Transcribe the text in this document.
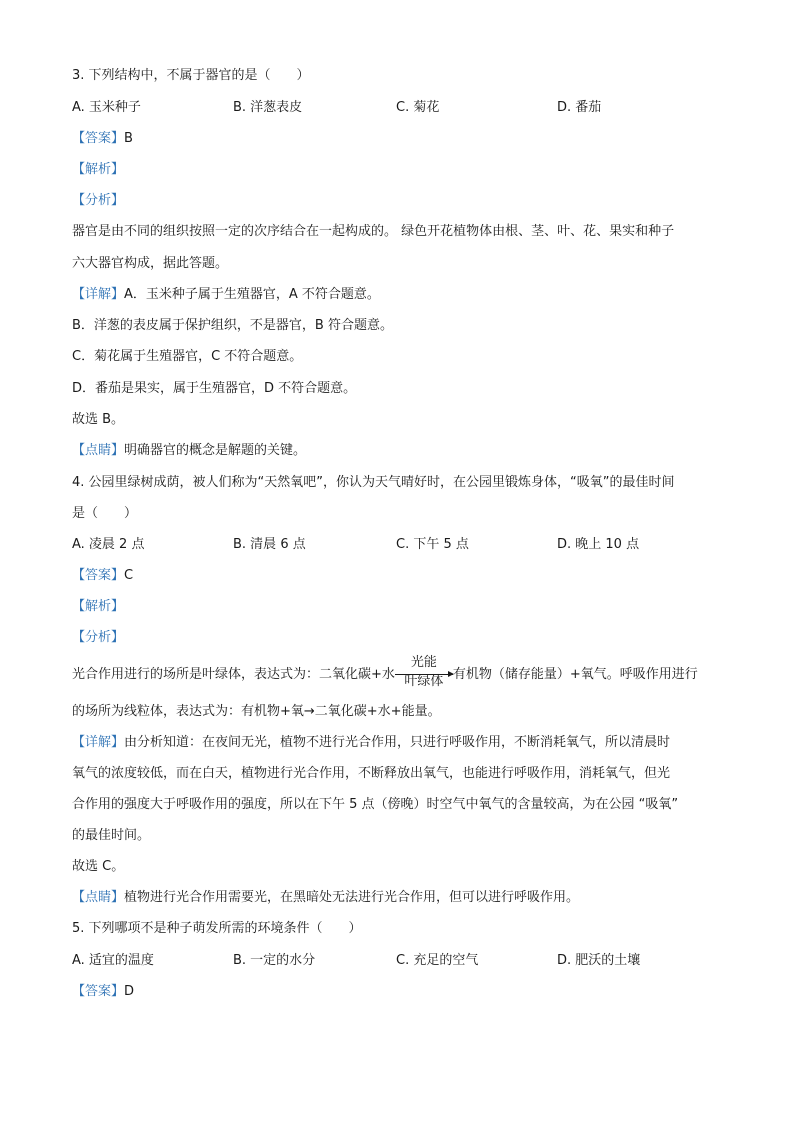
3. 下列结构中，不属于器官的是（　　）
A. 玉米种子	B. 洋葱表皮	C. 菊花	D. 番茄
【答案】B
【解析】
【分析】
器官是由不同的组织按照一定的次序结合在一起构成的。 绿色开花植物体由根、茎、叶、花、果实和种子
六大器官构成，据此答题。
【详解】A．玉米种子属于生殖器官，A 不符合题意。
B．洋葱的表皮属于保护组织，不是器官，B 符合题意。
C．菊花属于生殖器官，C 不符合题意。
D．番茄是果实，属于生殖器官，D 不符合题意。
故选 B。
【点睛】明确器官的概念是解题的关键。
4. 公园里绿树成荫，被人们称为“天然氧吧”，你认为天气晴好时，在公园里锻炼身体，“吸氧”的最佳时间
是（　　）
A. 凌晨 2 点	B. 清晨 6 点	C. 下午 5 点	D. 晚上 10 点
【答案】C
【解析】
【分析】
光合作用进行的场所是叶绿体，表达式为：二氧化碳+水
光能
叶绿体 有机物（储存能量）+氧气。呼吸作用进行
的场所为线粒体，表达式为：有机物+氧→二氧化碳+水+能量。
【详解】由分析知道：在夜间无光，植物不进行光合作用，只进行呼吸作用，不断消耗氧气，所以清晨时
氧气的浓度较低，而在白天，植物进行光合作用，不断释放出氧气，也能进行呼吸作用，消耗氧气，但光
合作用的强度大于呼吸作用的强度，所以在下午 5 点（傍晚）时空气中氧气的含量较高，为在公园 “吸氧”
的最佳时间。
故选 C。
【点睛】植物进行光合作用需要光，在黑暗处无法进行光合作用，但可以进行呼吸作用。
5. 下列哪项不是种子萌发所需的环境条件（　　）
A. 适宜的温度	B. 一定的水分	C. 充足的空气	D. 肥沃的土壤
【答案】D
